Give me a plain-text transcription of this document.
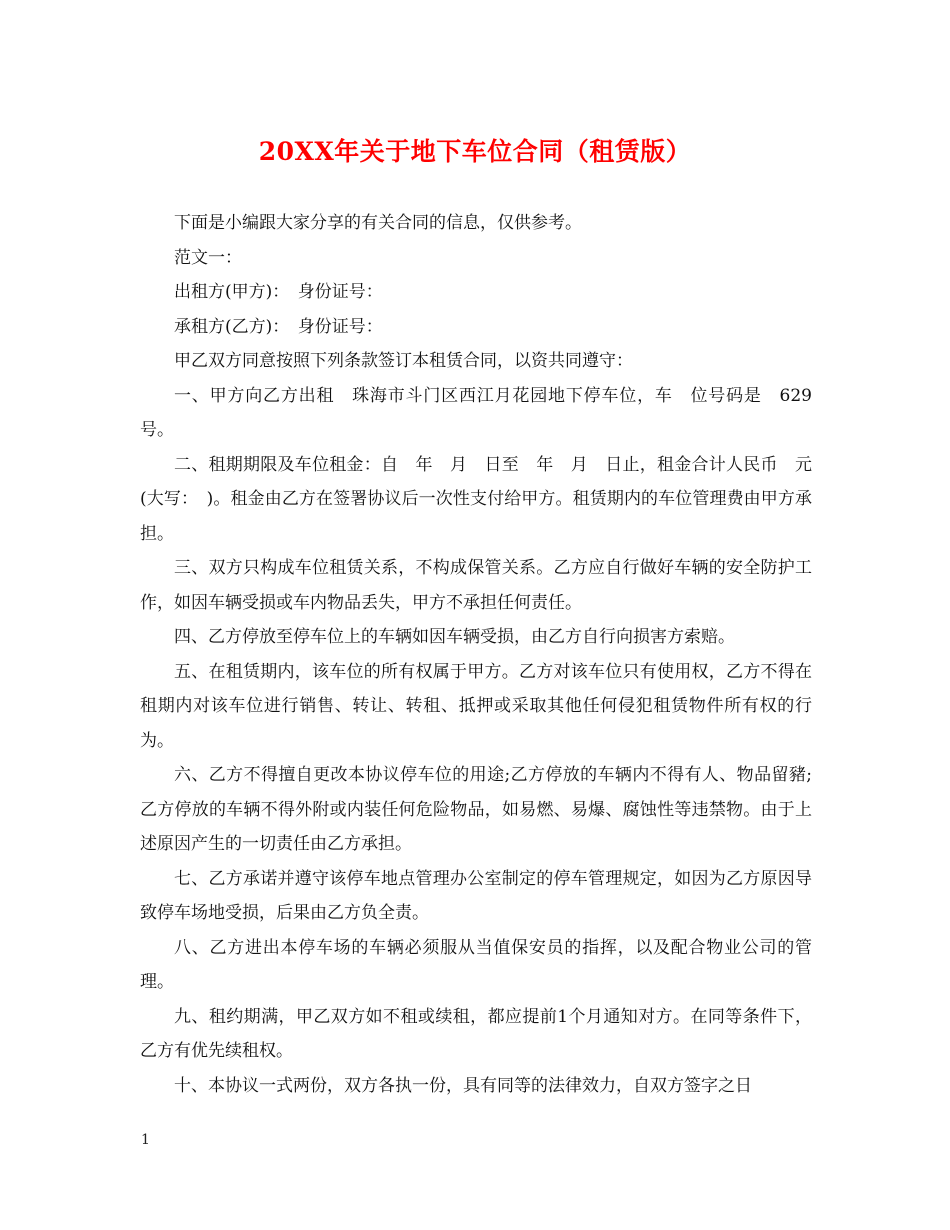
20XX年关于地下车位合同（租赁版）

下面是小编跟大家分享的有关合同的信息，仅供参考。

范文一：

出租方(甲方)：　身份证号：

承租方(乙方)：　身份证号：

甲乙双方同意按照下列条款签订本租赁合同，以资共同遵守：

一、甲方向乙方出租　珠海市斗门区西江月花园地下停车位，车　位号码是　629号。

二、租期期限及车位租金：自　年　月　日至　年　月　日止，租金合计人民币　元(大写：　)。租金由乙方在签署协议后一次性支付给甲方。租赁期内的车位管理费由甲方承担。

三、双方只构成车位租赁关系，不构成保管关系。乙方应自行做好车辆的安全防护工作，如因车辆受损或车内物品丢失，甲方不承担任何责任。

四、乙方停放至停车位上的车辆如因车辆受损，由乙方自行向损害方索赔。

五、在租赁期内，该车位的所有权属于甲方。乙方对该车位只有使用权，乙方不得在租期内对该车位进行销售、转让、转租、抵押或采取其他任何侵犯租赁物件所有权的行为。

六、乙方不得擅自更改本协议停车位的用途;乙方停放的车辆内不得有人、物品留豬;乙方停放的车辆不得外附或内装任何危险物品，如易燃、易爆、腐蚀性等违禁物。由于上述原因产生的一切责任由乙方承担。

七、乙方承诺并遵守该停车地点管理办公室制定的停车管理规定，如因为乙方原因导致停车场地受损，后果由乙方负全责。

八、乙方进出本停车场的车辆必须服从当值保安员的指挥，以及配合物业公司的管理。

九、租约期满，甲乙双方如不租或续租，都应提前1个月通知对方。在同等条件下，乙方有优先续租权。

十、本协议一式两份，双方各执一份，具有同等的法律效力，自双方签字之日

1
